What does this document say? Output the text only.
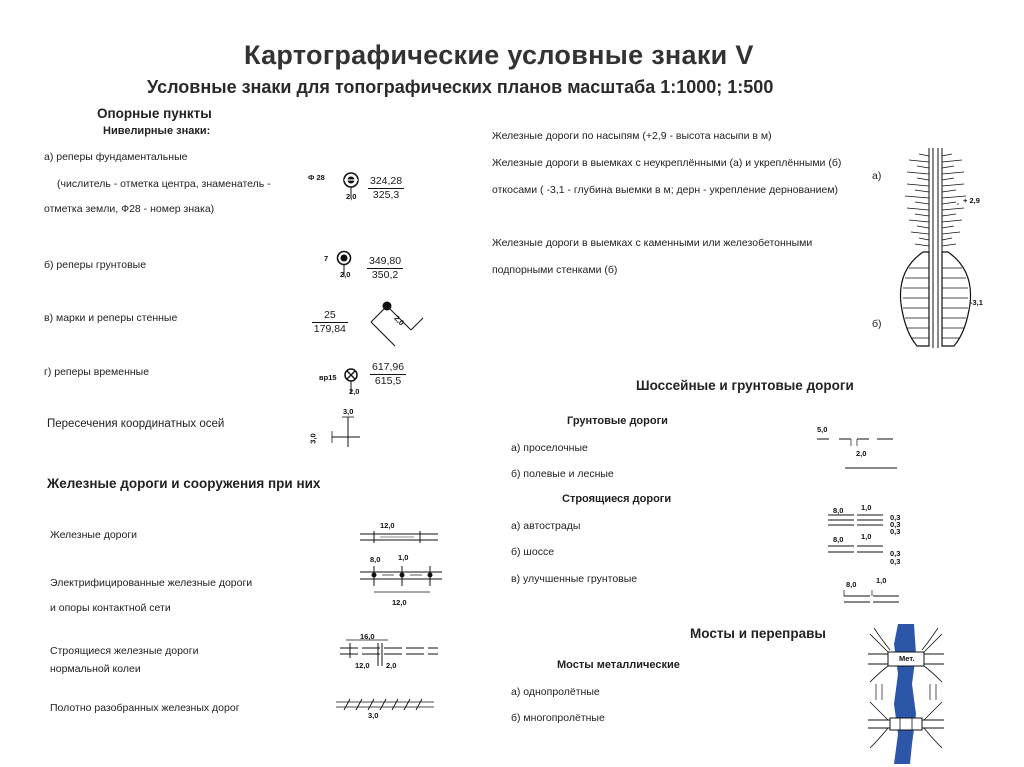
Картографические условные знаки V
Условные знаки для топографических планов масштаба 1:1000; 1:500
Опорные пункты
Нивелирные знаки:
а) реперы фундаментальные
(числитель - отметка центра, знаменатель -
отметка земли, Ф28 - номер знака)
Ф 28
$2,0 \frac{324,28}{325,3}$
б) реперы грунтовые
7
$2,0 \frac{349,80}{350,2}$
в) марки и реперы стенные	$\frac{25}{179,84}$	2,0
г) реперы временные	вр15
2,0
$\frac{617,96}{615,5}$
Пересечения координатных осей
3,0
3,0
Железные дороги и сооружения при них
Железные дороги
12,0
Электрифицированные железные дороги
и опоры контактной сети
8,0 1,0
12,0
Строящиеся железные дороги
нормальной колеи
16,0
12,0 2,0
Полотно разобранных железных дорог
3,0
Железные дороги по насыпям (+2,9 - высота насыпи в м)
Железные дороги в выемках с неукреплёнными (а) и укреплёнными (б)
откосами ( -3,1 - глубина выемки в м; дерн - укрепление дернованием)
Железные дороги в выемках с каменными или железобетонными
подпорными стенками (б)
а)
б)
+ 2,9
-3,1
Шоссейные и грунтовые дороги
Грунтовые дороги
а) проселочные
б) полевые и лесные
5,0
2,0
Строящиеся дороги
а) автострады
б) шоссе
в) улучшенные грунтовые
8,0 1,0
0,3
0,3
0,3
8,0 1,0
0,3
0,3
8,0	1,0
Мосты и переправы
Мосты металлические
а) однопролётные
б) многопролётные
Мет.
